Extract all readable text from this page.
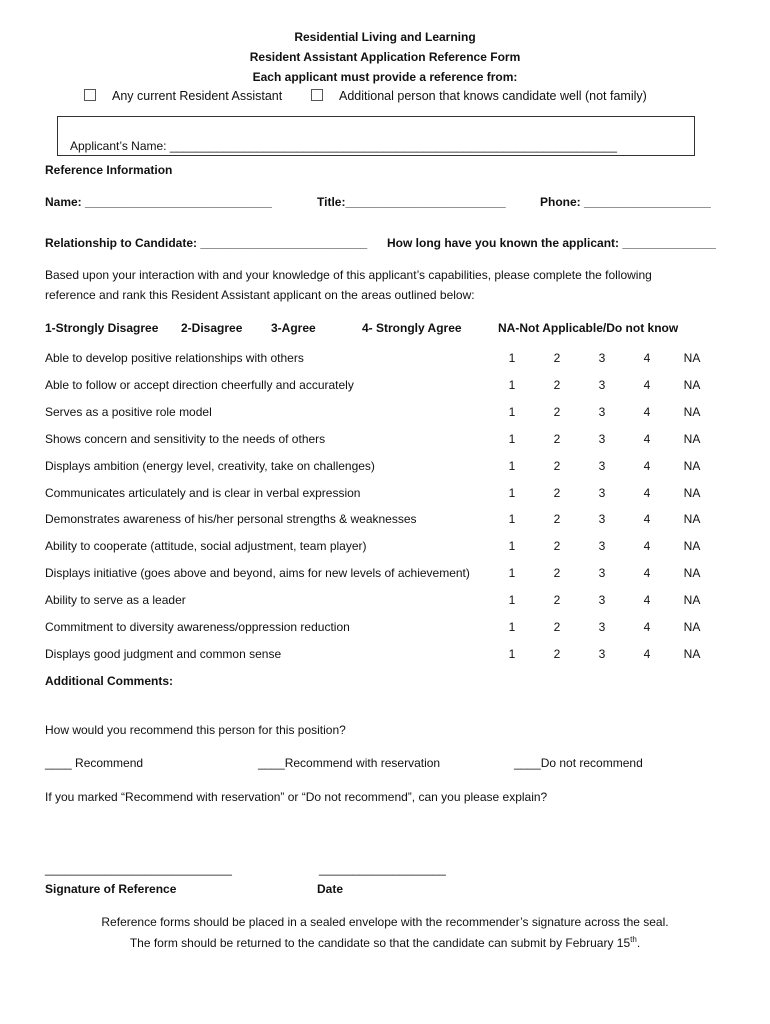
Residential Living and Learning
Resident Assistant Application Reference Form
Each applicant must provide a reference from:
Any current Resident Assistant	Additional person that knows candidate well (not family)
Applicant’s Name: ___________________________________________________________________
Reference Information
Name: ____________________________	Title:________________________	Phone: ___________________
Relationship to Candidate: _________________________ How long have you known the applicant: ______________
Based upon your interaction with and your knowledge of this applicant’s capabilities, please complete the following
reference and rank this Resident Assistant applicant on the areas outlined below:
1-Strongly Disagree 2-Disagree 3-Agree	4- Strongly Agree	NA-Not Applicable/Do not know
Able to develop positive relationships with others	1	2	3	4	NA
Able to follow or accept direction cheerfully and accurately	1	2	3	4	NA
Serves as a positive role model	1	2	3	4	NA
Shows concern and sensitivity to the needs of others	1	2	3	4	NA
Displays ambition (energy level, creativity, take on challenges)	1	2	3	4	NA
Communicates articulately and is clear in verbal expression	1	2	3	4	NA
Demonstrates awareness of his/her personal strengths & weaknesses	1	2	3	4	NA
Ability to cooperate (attitude, social adjustment, team player)	1	2	3	4	NA
Displays initiative (goes above and beyond, aims for new levels of achievement)	1	2	3	4	NA
Ability to serve as a leader	1	2	3	4	NA
Commitment to diversity awareness/oppression reduction	1	2	3	4	NA
Displays good judgment and common sense	1	2	3	4	NA
Additional Comments:
How would you recommend this person for this position?
____ Recommend	____Recommend with reservation	____Do not recommend
If you marked “Recommend with reservation” or “Do not recommend”, can you please explain?
____________________________
Signature of Reference
___________________
Date
Reference forms should be placed in a sealed envelope with the recommender’s signature across the seal.
The form should be returned to the candidate so that the candidate can submit by February 15th.
